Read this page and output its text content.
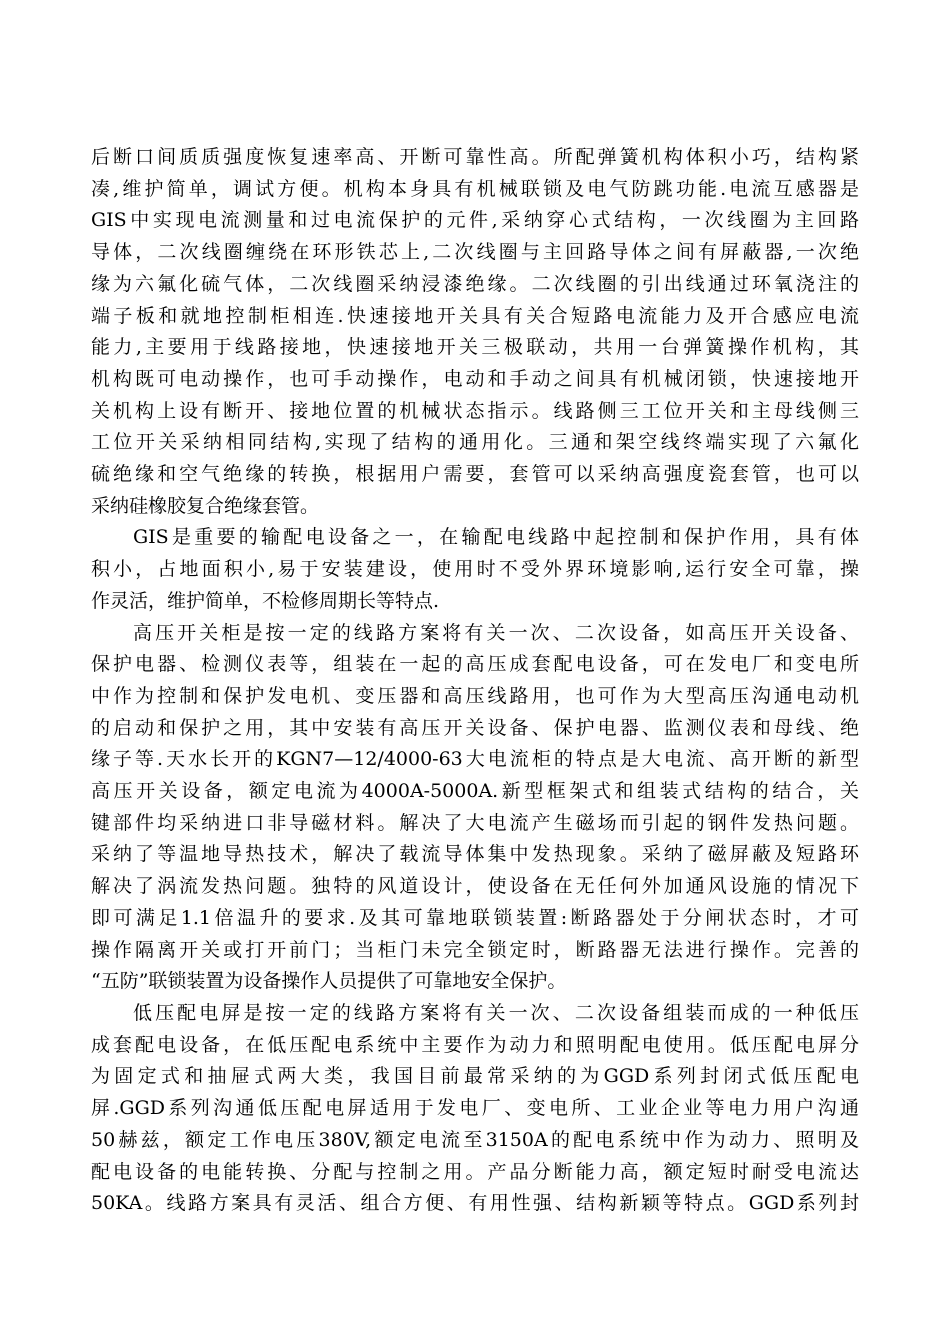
后断口间质质强度恢复速率高、开断可靠性高。所配弹簧机构体积小巧，结构紧
凑,维护简单，调试方便。机构本身具有机械联锁及电气防跳功能.电流互感器是
GIS中实现电流测量和过电流保护的元件,采纳穿心式结构，一次线圈为主回路
导体，二次线圈缠绕在环形铁芯上,二次线圈与主回路导体之间有屏蔽器,一次绝
缘为六氟化硫气体，二次线圈采纳浸漆绝缘。二次线圈的引出线通过环氧浇注的
端子板和就地控制柜相连.快速接地开关具有关合短路电流能力及开合感应电流
能力,主要用于线路接地，快速接地开关三极联动，共用一台弹簧操作机构，其
机构既可电动操作，也可手动操作，电动和手动之间具有机械闭锁，快速接地开
关机构上设有断开、接地位置的机械状态指示。线路侧三工位开关和主母线侧三
工位开关采纳相同结构,实现了结构的通用化。三通和架空线终端实现了六氟化
硫绝缘和空气绝缘的转换，根据用户需要，套管可以采纳高强度瓷套管，也可以
采纳硅橡胶复合绝缘套管。

GIS是重要的输配电设备之一，在输配电线路中起控制和保护作用，具有体
积小，占地面积小,易于安装建设，使用时不受外界环境影响,运行安全可靠，操
作灵活，维护简单，不检修周期长等特点.

高压开关柜是按一定的线路方案将有关一次、二次设备，如高压开关设备、
保护电器、检测仪表等，组装在一起的高压成套配电设备，可在发电厂和变电所
中作为控制和保护发电机、变压器和高压线路用，也可作为大型高压沟通电动机
的启动和保护之用，其中安装有高压开关设备、保护电器、监测仪表和母线、绝
缘子等.天水长开的KGN7—12/4000-63大电流柜的特点是大电流、高开断的新型
高压开关设备，额定电流为4000A-5000A.新型框架式和组装式结构的结合，关
键部件均采纳进口非导磁材料。解决了大电流产生磁场而引起的钢件发热问题。
采纳了等温地导热技术，解决了载流导体集中发热现象。采纳了磁屏蔽及短路环
解决了涡流发热问题。独特的风道设计，使设备在无任何外加通风设施的情况下
即可满足1.1倍温升的要求.及其可靠地联锁装置:断路器处于分闸状态时，才可
操作隔离开关或打开前门；当柜门未完全锁定时，断路器无法进行操作。完善的
“五防”联锁装置为设备操作人员提供了可靠地安全保护。

低压配电屏是按一定的线路方案将有关一次、二次设备组装而成的一种低压
成套配电设备，在低压配电系统中主要作为动力和照明配电使用。低压配电屏分
为固定式和抽屉式两大类，我国目前最常采纳的为GGD系列封闭式低压配电
屏.GGD系列沟通低压配电屏适用于发电厂、变电所、工业企业等电力用户沟通
50赫兹，额定工作电压380V,额定电流至3150A的配电系统中作为动力、照明及
配电设备的电能转换、分配与控制之用。产品分断能力高，额定短时耐受电流达
50KA。线路方案具有灵活、组合方便、有用性强、结构新颖等特点。GGD系列封
